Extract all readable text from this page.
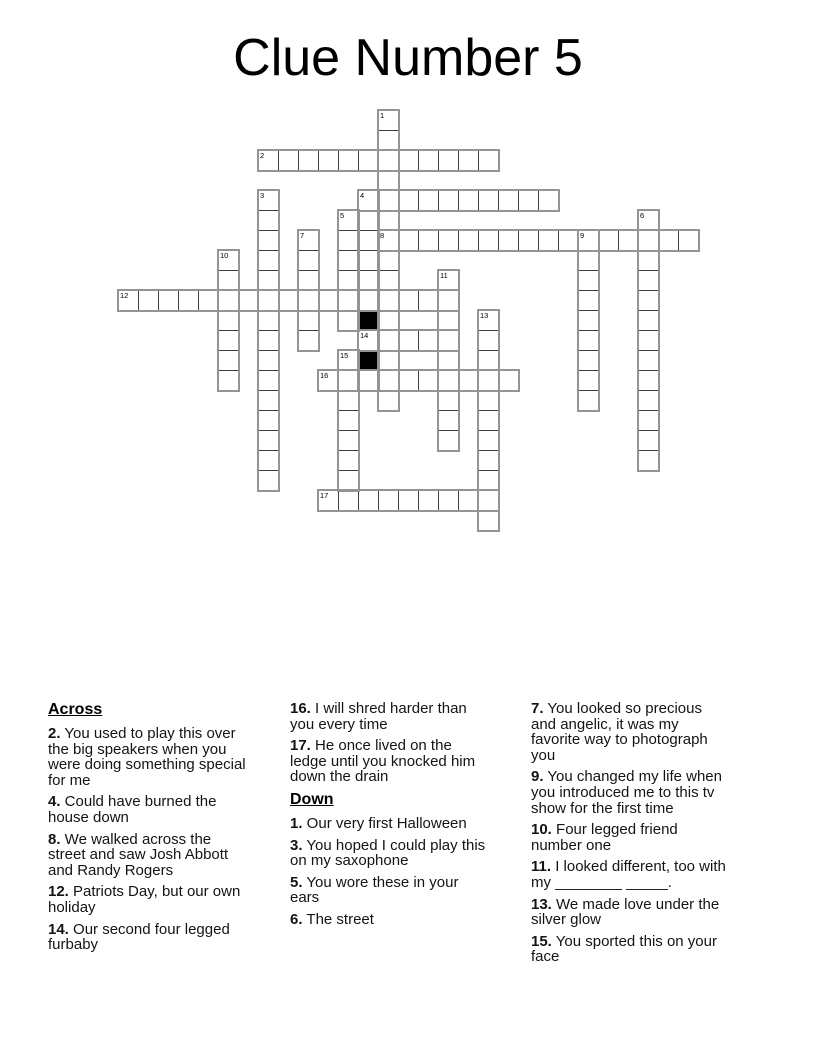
Clue Number 5
1
2
3	4
5	6
7	8	9
10
11
12
13
14
15
16
17
Across

2. You used to play this over the big speakers when you were doing something special for me

4. Could have burned the house down

8. We walked across the street and saw Josh Abbott and Randy Rogers

12. Patriots Day, but our own holiday

14. Our second four legged furbaby

16. I will shred harder than you every time

17. He once lived on the ledge until you knocked him down the drain

Down

1. Our very first Halloween

3. You hoped I could play this on my saxophone

5. You wore these in your ears

6. The street

7. You looked so precious and angelic, it was my favorite way to photograph you

9. You changed my life when you introduced me to this tv show for the first time

10. Four legged friend number one

11. I looked different, too with my ________ _____.

13. We made love under the silver glow

15. You sported this on your face
